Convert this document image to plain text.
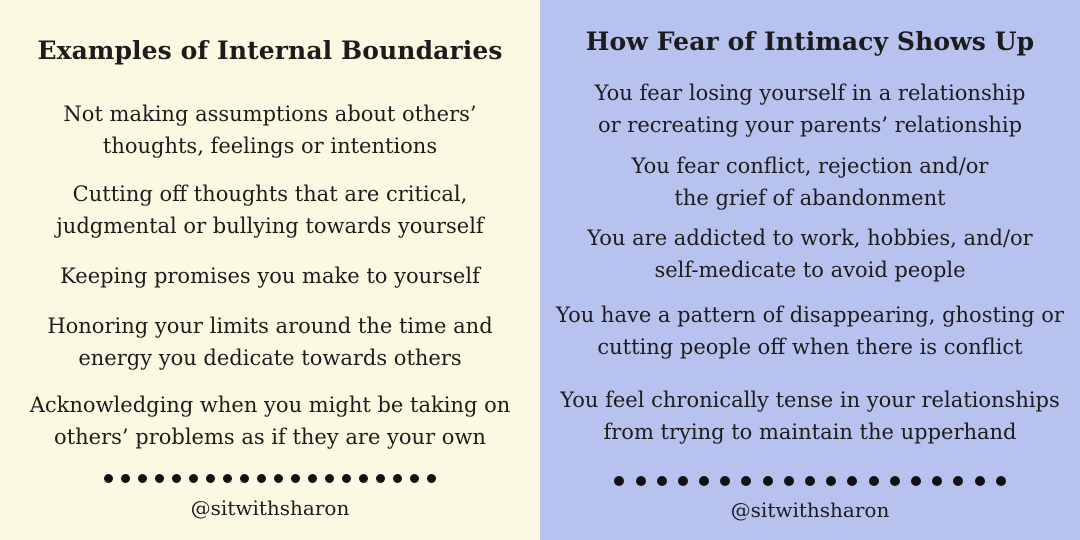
Examples of Internal Boundaries
Not making assumptions about others’
thoughts, feelings or intentions
Cutting off thoughts that are critical,
judgmental or bullying towards yourself
Keeping promises you make to yourself
Honoring your limits around the time and
energy you dedicate towards others
Acknowledging when you might be taking on
others’ problems as if they are your own
@sitwithsharon
How Fear of Intimacy Shows Up
You fear losing yourself in a relationship
or recreating your parents’ relationship
You fear conflict, rejection and/or
the grief of abandonment
You are addicted to work, hobbies, and/or
self-medicate to avoid people
You have a pattern of disappearing, ghosting or
cutting people off when there is conflict
You feel chronically tense in your relationships
from trying to maintain the upperhand
@sitwithsharon
